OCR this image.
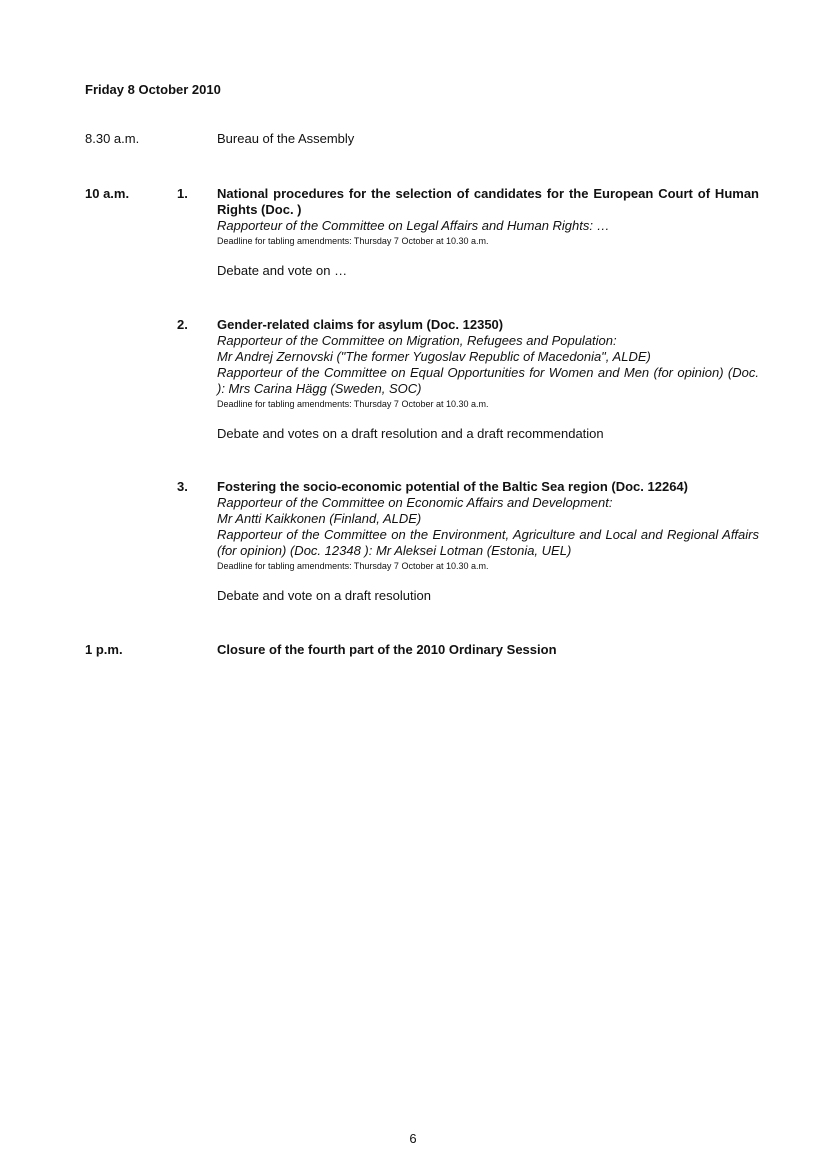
Friday 8 October 2010
8.30 a.m.	Bureau of the Assembly
10 a.m.	1. National procedures for the selection of candidates for the European Court of Human Rights (Doc. )
Rapporteur of the Committee on Legal Affairs and Human Rights: …
Deadline for tabling amendments: Thursday 7 October at 10.30 a.m.
Debate and vote on …
2. Gender-related claims for asylum (Doc. 12350)
Rapporteur of the Committee on Migration, Refugees and Population:
Mr Andrej Zernovski ("The former Yugoslav Republic of Macedonia", ALDE)
Rapporteur of the Committee on Equal Opportunities for Women and Men (for opinion) (Doc. ): Mrs Carina Hägg (Sweden, SOC)
Deadline for tabling amendments: Thursday 7 October at 10.30 a.m.
Debate and votes on a draft resolution and a draft recommendation
3. Fostering the socio-economic potential of the Baltic Sea region (Doc. 12264)
Rapporteur of the Committee on Economic Affairs and Development:
Mr Antti Kaikkonen (Finland, ALDE)
Rapporteur of the Committee on the Environment, Agriculture and Local and Regional Affairs (for opinion) (Doc. 12348 ): Mr Aleksei Lotman (Estonia, UEL)
Deadline for tabling amendments: Thursday 7 October at 10.30 a.m.
Debate and vote on a draft resolution
1 p.m.	Closure of the fourth part of the 2010 Ordinary Session
6
